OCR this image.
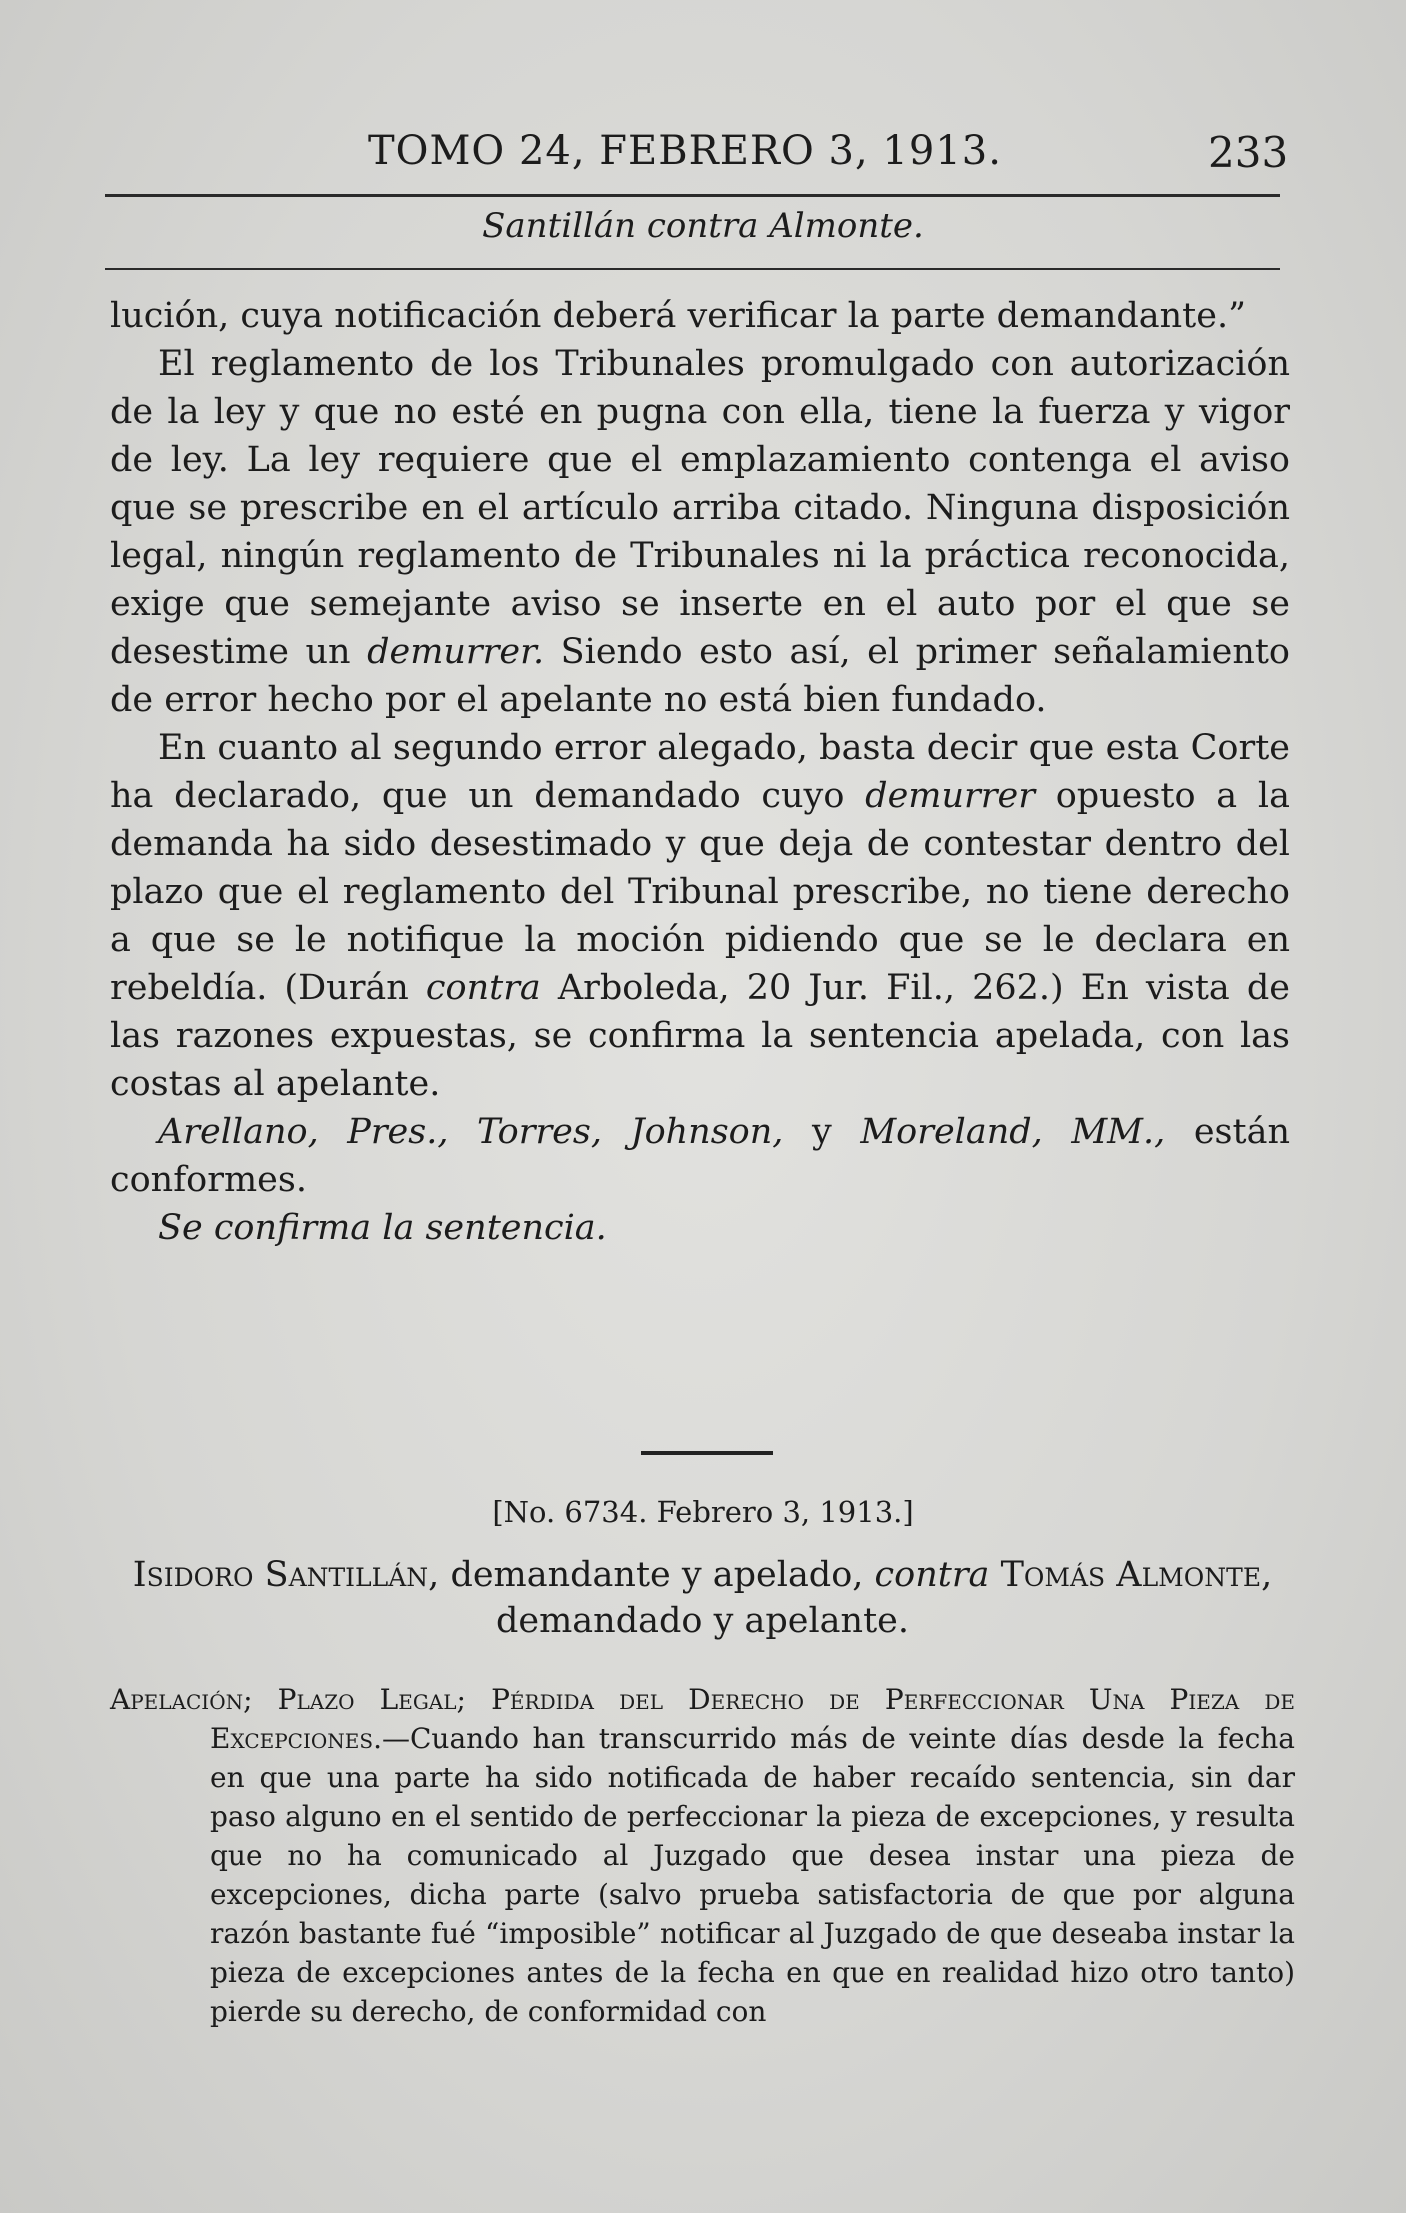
TOMO 24, FEBRERO 3, 1913.	233
Santillán contra Almonte.

lución, cuya notificación deberá verificar la parte demandante.”

El reglamento de los Tribunales promulgado con autorización de la ley y que no esté en pugna con ella, tiene la fuerza y vigor de ley. La ley requiere que el emplazamiento contenga el aviso que se prescribe en el artículo arriba citado. Ninguna disposición legal, ningún reglamento de Tribunales ni la práctica reconocida, exige que semejante aviso se inserte en el auto por el que se desestime un demurrer. Siendo esto así, el primer señalamiento de error hecho por el apelante no está bien fundado.

En cuanto al segundo error alegado, basta decir que esta Corte ha declarado, que un demandado cuyo demurrer opuesto a la demanda ha sido desestimado y que deja de contestar dentro del plazo que el reglamento del Tribunal prescribe, no tiene derecho a que se le notifique la moción pidiendo que se le declara en rebeldía. (Durán contra Arboleda, 20 Jur. Fil., 262.) En vista de las razones expuestas, se confirma la sentencia apelada, con las costas al apelante.

Arellano, Pres., Torres, Johnson, y Moreland, MM., están conformes.

Se confirma la sentencia.

[No. 6734. Febrero 3, 1913.]
Isidoro Santillán, demandante y apelado, contra Tomás Almonte, demandado y apelante.
Apelación; Plazo Legal; Pérdida del Derecho de Perfeccionar Una Pieza de Excepciones.—Cuando han transcurrido más de veinte días desde la fecha en que una parte ha sido notificada de haber recaído sentencia, sin dar paso alguno en el sentido de perfeccionar la pieza de excepciones, y resulta que no ha comunicado al Juzgado que desea instar una pieza de excepciones, dicha parte (salvo prueba satisfactoria de que por alguna razón bastante fué “imposible” notificar al Juzgado de que deseaba instar la pieza de excepciones antes de la fecha en que en realidad hizo otro tanto) pierde su derecho, de conformidad con
